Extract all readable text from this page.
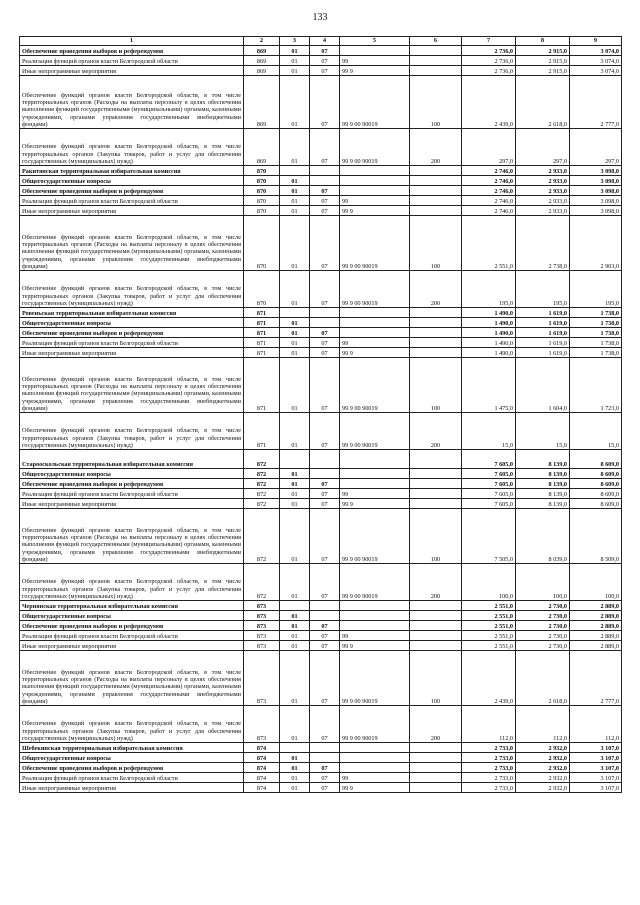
133
1	2	3	4	5	6	7	8	9
Обеспечение проведения выборов и референдумов	869	01	07			2 736,0	2 915,0	3 074,0
Реализация функций органов власти Белгородской области	869	01	07	99		2 736,0	2 915,0	3 074,0
Иные непрограммные мероприятия	869	01	07	99 9		2 736,0	2 915,0	3 074,0
Обеспечение функций органов власти Белгородской области, в том числе территориальных органов (Расходы на выплаты персоналу в целях обеспечения выполнения функций государственными (муниципальными) органами, казенными учреждениями, органами управления государственными внебюджетными фондами)	869	01	07	99 9 00 90019	100	2 439,0	2 618,0	2 777,0
Обеспечение функций органов власти Белгородской области, в том числе территориальных органов (Закупка товаров, работ и услуг для обеспечения государственных (муниципальных) нужд)	869	01	07	99 9 00 90019	200	297,0	297,0	297,0
Ракитянская территориальная избирательная комиссия	870					2 746,0	2 933,0	3 098,0
Общегосударственные вопросы	870	01				2 746,0	2 933,0	3 098,0
Обеспечение проведения выборов и референдумов	870	01	07			2 746,0	2 933,0	3 098,0
Реализация функций органов власти Белгородской области	870	01	07	99		2 746,0	2 933,0	3 098,0
Иные непрограммные мероприятия	870	01	07	99 9		2 746,0	2 933,0	3 098,0
Обеспечение функций органов власти Белгородской области, в том числе территориальных органов (Расходы на выплаты персоналу в целях обеспечения выполнения функций государственными (муниципальными) органами, казенными учреждениями, органами управления государственными внебюджетными фондами)	870	01	07	99 9 00 90019	100	2 551,0	2 738,0	2 903,0
Обеспечение функций органов власти Белгородской области, в том числе территориальных органов (Закупка товаров, работ и услуг для обеспечения государственных (муниципальных) нужд)	870	01	07	99 9 00 90019	200	195,0	195,0	195,0
Ровеньская территориальная избирательная комиссия	871					1 490,0	1 619,0	1 738,0
Общегосударственные вопросы	871	01				1 490,0	1 619,0	1 738,0
Обеспечение проведения выборов и референдумов	871	01	07			1 490,0	1 619,0	1 738,0
Реализация функций органов власти Белгородской области	871	01	07	99		1 490,0	1 619,0	1 738,0
Иные непрограммные мероприятия	871	01	07	99 9		1 490,0	1 619,0	1 738,0
Обеспечение функций органов власти Белгородской области, в том числе территориальных органов (Расходы на выплаты персоналу в целях обеспечения выполнения функций государственными (муниципальными) органами, казенными учреждениями, органами управления государственными внебюджетными фондами)	871	01	07	99 9 00 90019	100	1 475,0	1 604,0	1 723,0
Обеспечение функций органов власти Белгородской области, в том числе территориальных органов (Закупка товаров, работ и услуг для обеспечения государственных (муниципальных) нужд)	871	01	07	99 9 00 90019	200	15,0	15,0	15,0
Старооскольская территориальная избирательная комиссия	872					7 605,0	8 139,0	8 609,0
Общегосударственные вопросы	872	01				7 605,0	8 139,0	8 609,0
Обеспечение проведения выборов и референдумов	872	01	07			7 605,0	8 139,0	8 609,0
Реализация функций органов власти Белгородской области	872	01	07	99		7 605,0	8 139,0	8 609,0
Иные непрограммные мероприятия	872	01	07	99 9		7 605,0	8 139,0	8 609,0
Обеспечение функций органов власти Белгородской области, в том числе территориальных органов (Расходы на выплаты персоналу в целях обеспечения выполнения функций государственными (муниципальными) органами, казенными учреждениями, органами управления государственными внебюджетными фондами)	872	01	07	99 9 00 90019	100	7 505,0	8 039,0	8 509,0
Обеспечение функций органов власти Белгородской области, в том числе территориальных органов (Закупка товаров, работ и услуг для обеспечения государственных (муниципальных) нужд)	872	01	07	99 9 00 90019	200	100,0	100,0	100,0
Чернянская территориальная избирательная комиссия	873					2 551,0	2 730,0	2 889,0
Общегосударственные вопросы	873	01				2 551,0	2 730,0	2 889,0
Обеспечение проведения выборов и референдумов	873	01	07			2 551,0	2 730,0	2 889,0
Реализация функций органов власти Белгородской области	873	01	07	99		2 551,0	2 730,0	2 889,0
Иные непрограммные мероприятия	873	01	07	99 9		2 551,0	2 730,0	2 889,0
Обеспечение функций органов власти Белгородской области, в том числе территориальных органов (Расходы на выплаты персоналу в целях обеспечения выполнения функций государственными (муниципальными) органами, казенными учреждениями, органами управления государственными внебюджетными фондами)	873	01	07	99 9 00 90019	100	2 439,0	2 618,0	2 777,0
Обеспечение функций органов власти Белгородской области, в том числе территориальных органов (Закупка товаров, работ и услуг для обеспечения государственных (муниципальных) нужд)	873	01	07	99 9 00 90019	200	112,0	112,0	112,0
Шебекинская территориальная избирательная комиссия	874					2 733,0	2 932,0	3 107,0
Общегосударственные вопросы	874	01				2 733,0	2 932,0	3 107,0
Обеспечение проведения выборов и референдумов	874	01	07			2 733,0	2 932,0	3 107,0
Реализация функций органов власти Белгородской области	874	01	07	99		2 733,0	2 932,0	3 107,0
Иные непрограммные мероприятия	874	01	07	99 9		2 733,0	2 932,0	3 107,0
